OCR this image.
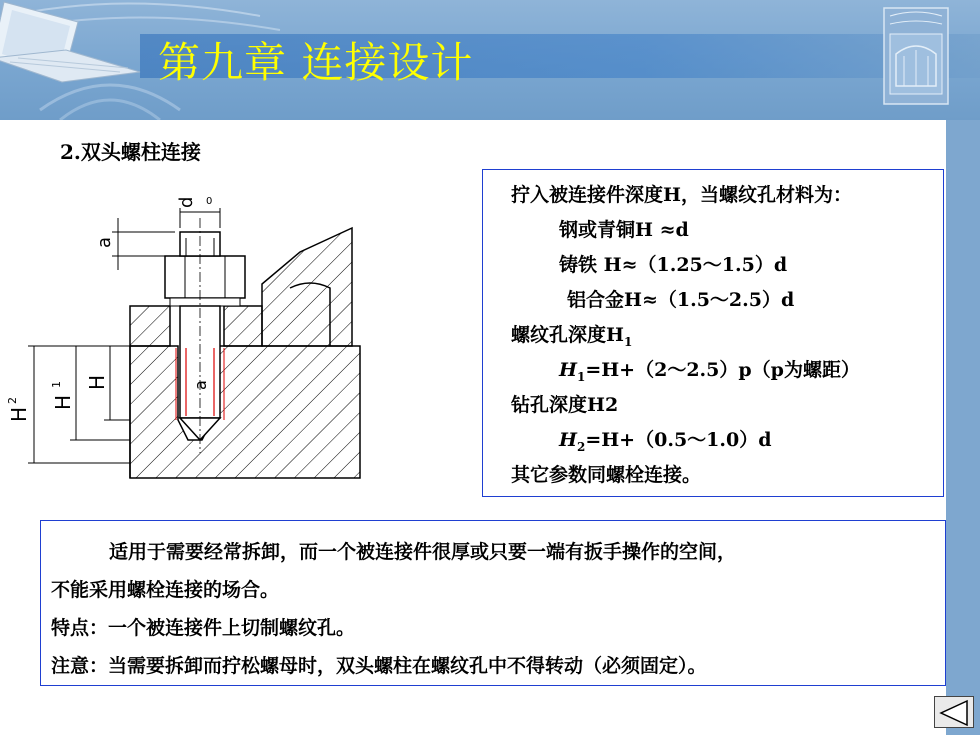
第九章 连接设计
2.双头螺柱连接
d 0
a
a
H
H
1
H
2
拧入被连接件深度H，当螺纹孔材料为：
钢或青铜H ≈d
铸铁 H≈（1.25～1.5）d
铝合金H≈（1.5～2.5）d
螺纹孔深度$H_1$
$H_1=H+(2\sim 2.5)p(p$为螺距）
钻孔深度H2
$H_2=H+(0.5\sim 1.0)d$
其它参数同螺栓连接。
适用于需要经常拆卸，而一个被连接件很厚或只要一端有扳手操作的空间，
不能采用螺栓连接的场合。
特点：一个被连接件上切制螺纹孔。
注意：当需要拆卸而拧松螺母时，双头螺柱在螺纹孔中不得转动（必须固定）。
